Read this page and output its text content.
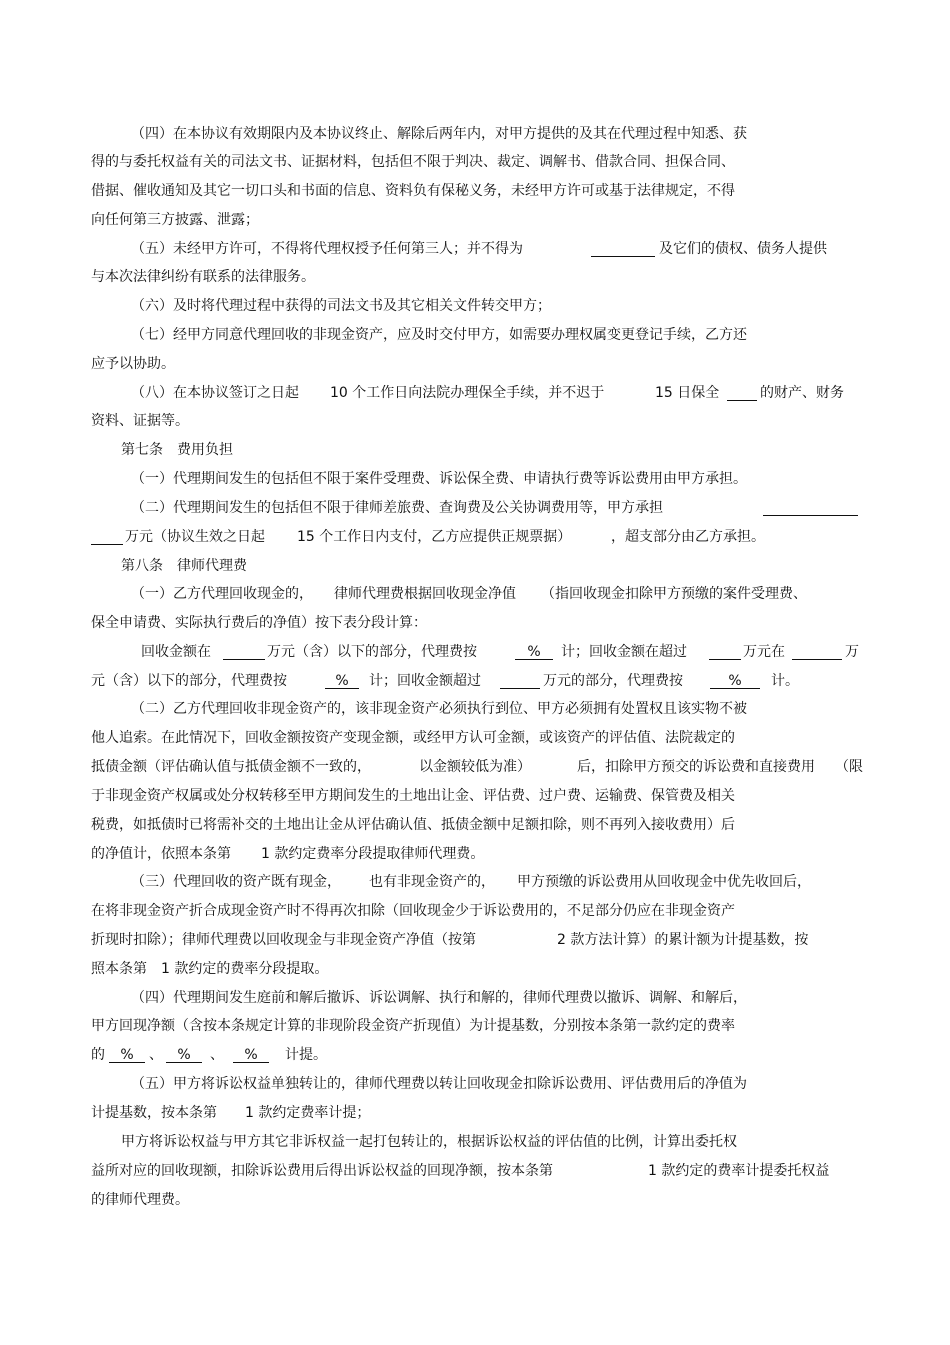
（四）在本协议有效期限内及本协议终止、解除后两年内，对甲方提供的及其在代理过程中知悉、获
得的与委托权益有关的司法文书、证据材料，包括但不限于判决、裁定、调解书、借款合同、担保合同、
借据、催收通知及其它一切口头和书面的信息、资料负有保秘义务，未经甲方许可或基于法律规定，不得
向任何第三方披露、泄露；
（五）未经甲方许可，不得将代理权授予任何第三人；并不得为	及它们的债权、债务人提供
与本次法律纠纷有联系的法律服务。
（六）及时将代理过程中获得的司法文书及其它相关文件转交甲方；
（七）经甲方同意代理回收的非现金资产，应及时交付甲方，如需要办理权属变更登记手续，乙方还
应予以协助。
（八）在本协议签订之日起 10 个工作日向法院办理保全手续，并不迟于	15 日保全	的财产、财务
资料、证据等。
第七条　费用负担
（一）代理期间发生的包括但不限于案件受理费、诉讼保全费、申请执行费等诉讼费用由甲方承担。
（二）代理期间发生的包括但不限于律师差旅费、查询费及公关协调费用等，甲方承担
万元（协议生效之日起 15 个工作日内支付，乙方应提供正规票据）	，超支部分由乙方承担。
第八条　律师代理费
（一）乙方代理回收现金的， 律师代理费根据回收现金净值 （指回收现金扣除甲方预缴的案件受理费、
保全申请费、实际执行费后的净值）按下表分段计算：
回收金额在	万元（含）以下的部分，代理费按	%	计；回收金额在超过	万元在	万
元（含）以下的部分，代理费按	%	计；回收金额超过	万元的部分，代理费按	%	计。
（二）乙方代理回收非现金资产的，该非现金资产必须执行到位、甲方必须拥有处置权且该实物不被
他人追索。在此情况下，回收金额按资产变现金额，或经甲方认可金额，或该资产的评估值、法院裁定的
抵债金额（评估确认值与抵债金额不一致的，	以金额较低为准）	后，扣除甲方预交的诉讼费和直接费用 （限
于非现金资产权属或处分权转移至甲方期间发生的土地出让金、评估费、过户费、运输费、保管费及相关
税费，如抵债时已将需补交的土地出让金从评估确认值、抵债金额中足额扣除，则不再列入接收费用）后
的净值计，依照本条第 1 款约定费率分段提取律师代理费。
（三）代理回收的资产既有现金， 也有非现金资产的， 甲方预缴的诉讼费用从回收现金中优先收回后，
在将非现金资产折合成现金资产时不得再次扣除（回收现金少于诉讼费用的，不足部分仍应在非现金资产
折现时扣除）；律师代理费以回收现金与非现金资产净值（按第	2 款方法计算）的累计额为计提基数，按
照本条第 1 款约定的费率分段提取。
（四）代理期间发生庭前和解后撤诉、诉讼调解、执行和解的，律师代理费以撤诉、调解、和解后，
甲方回现净额（含按本条规定计算的非现阶段金资产折现值）为计提基数，分别按本条第一款约定的费率
的	%	、	%	、	%	计提。
（五）甲方将诉讼权益单独转让的，律师代理费以转让回收现金扣除诉讼费用、评估费用后的净值为
计提基数，按本条第 1 款约定费率计提；
甲方将诉讼权益与甲方其它非诉权益一起打包转让的，根据诉讼权益的评估值的比例，计算出委托权
益所对应的回收现额，扣除诉讼费用后得出诉讼权益的回现净额，按本条第	1 款约定的费率计提委托权益
的律师代理费。
